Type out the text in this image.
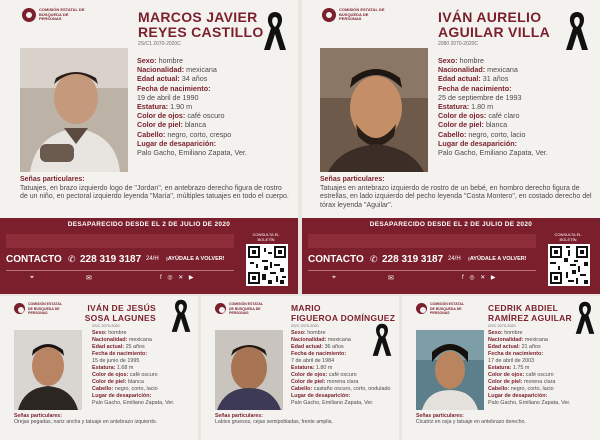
COMISIÓN ESTATAL DE BÚSQUEDA DE PERSONAS	MARCOS JAVIER
REYES CASTILLO
2S/C1 2070-2020C
Sexo: hombre
Nacionalidad: mexicana
Edad actual: 34 años
Fecha de nacimiento:
19 de abril de 1990
Estatura: 1.90 m
Color de ojos: café oscuro
Color de piel: blanca
Cabello: negro, corto, crespo
Lugar de desaparición:
Palo Gacho, Emiliano Zapata, Ver.
Señas particulares:
Tatuajes, en brazo izquierdo logo de "Jordan", en antebrazo derecho figura de rostro de un niño, en pectoral izquierdo leyenda "María", múltiples tatuajes en todo el cuerpo.
DESAPARECIDO DESDE EL 2 DE JULIO DE 2020
CONTACTO ✆ 228 319 3187 24/H ¡AYÚDALE A VOLVER!
⌖	✉	f ◎ ✕ ▶
CONSULTA EL BOLETÍN
COMISIÓN ESTATAL DE BÚSQUEDA DE PERSONAS	IVÁN AURELIO
AGUILAR VILLA
2080 2070-2020C
Sexo: hombre
Nacionalidad: mexicana
Edad actual: 31 años
Fecha de nacimiento:
25 de septiembre de 1993
Estatura: 1.80 m
Color de ojos: café claro
Color de piel: blanca
Cabello: negro, corto, lacio
Lugar de desaparición:
Palo Gacho, Emiliano Zapata, Ver.
Señas particulares:
Tatuajes en antebrazo izquierdo de rostro de un bebé, en hombro derecho figura de estrellas, en lado izquierdo del pecho leyenda "Costa Montero", en costado derecho del tórax leyenda "Aguilar".
DESAPARECIDO DESDE EL 2 DE JULIO DE 2020
CONTACTO ✆ 228 319 3187 24/H ¡AYÚDALE A VOLVER!
⌖	✉	f ◎ ✕ ▶
CONSULTA EL BOLETÍN
COMISIÓN ESTATAL DE BÚSQUEDA DE PERSONAS	IVÁN DE JESÚS
SOSA LAGUNES
2S/C 2070-2020
Sexo: hombre
Nacionalidad: mexicana
Edad actual: 25 años
Fecha de nacimiento:
15 de junio de 1995
Estatura: 1.68 m
Color de ojos: café oscuro
Color de piel: blanca
Cabello: negro, corto, lacio
Lugar de desaparición:
Palo Gacho, Emiliano Zapata, Ver.
Señas particulares:
Orejas pegadas, nariz ancha y tatuaje en antebrazo izquierdo.
COMISIÓN ESTATAL DE BÚSQUEDA DE PERSONAS	MARIO
FIGUEROA DOMÍNGUEZ
2S/C 2070-2020
Sexo: hombre
Nacionalidad: mexicana
Edad actual: 36 años
Fecha de nacimiento:
7 de abril de 1984
Estatura: 1.80 m
Color de ojos: café oscuro
Color de piel: morena clara
Cabello: castaño oscuro, corto, ondulado
Lugar de desaparición:
Palo Gacho, Emiliano Zapata, Ver.
Señas particulares:
Labios gruesos, cejas semipobladas, frente amplia.
COMISIÓN ESTATAL DE BÚSQUEDA DE PERSONAS	CEDRIK ABDIEL
RAMÍREZ AGUILAR
2S/C 2070-2020
Sexo: hombre
Nacionalidad: mexicana
Edad actual: 21 años
Fecha de nacimiento:
17 de abril de 2003
Estatura: 1.75 m
Color de ojos: café oscuro
Color de piel: morena clara
Cabello: negro, corto, lacio
Lugar de desaparición:
Palo Gacho, Emiliano Zapata, Ver.
Señas particulares:
Cicatriz en ceja y tatuaje en antebrazo derecho.
